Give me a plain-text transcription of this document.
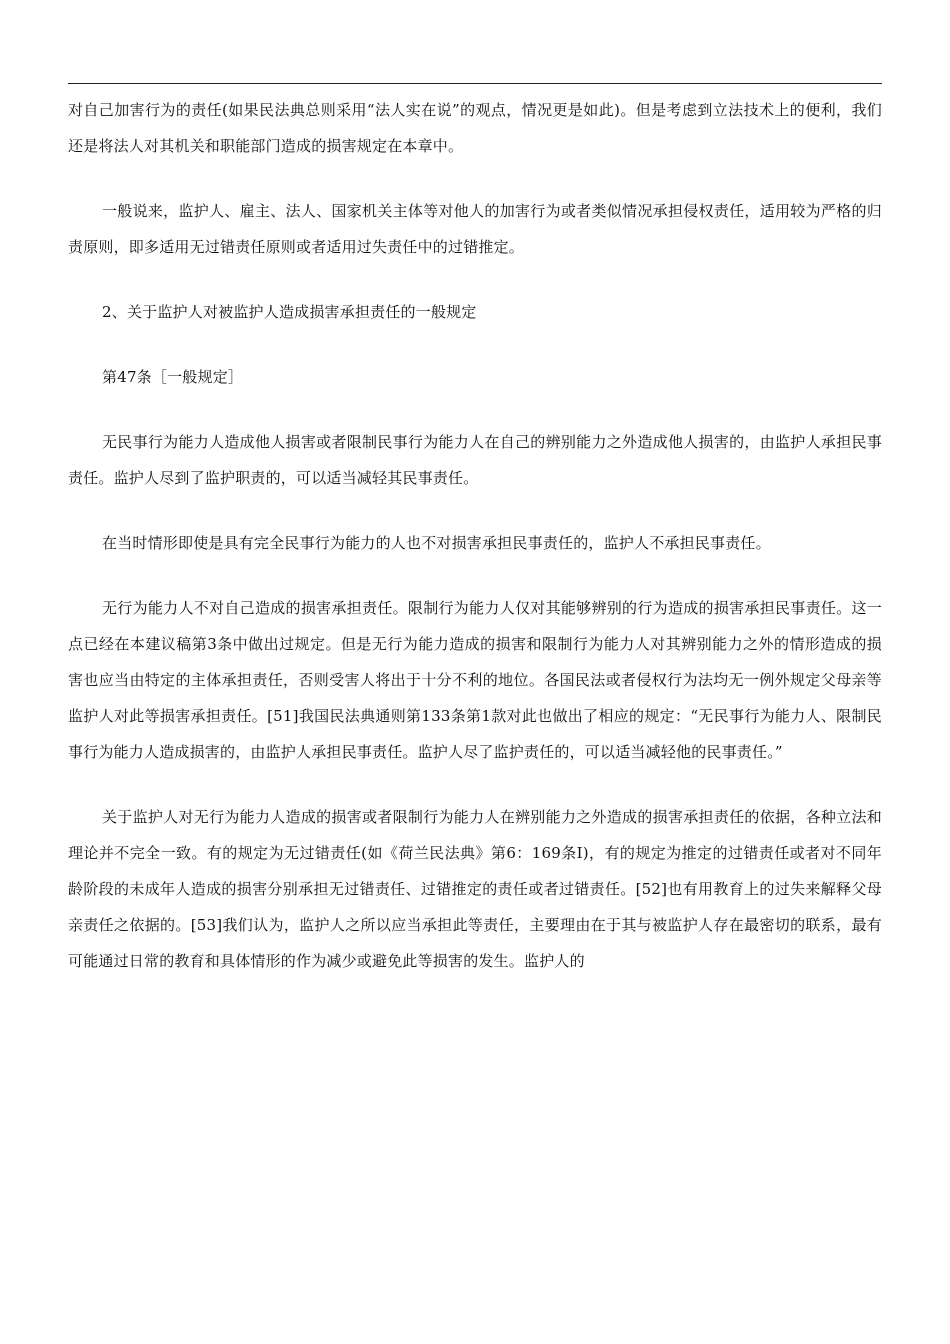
对自己加害行为的责任(如果民法典总则采用“法人实在说”的观点，情况更是如此)。但是考虑到立法技术上的便利，我们还是将法人对其机关和职能部门造成的损害规定在本章中。

一般说来，监护人、雇主、法人、国家机关主体等对他人的加害行为或者类似情况承担侵权责任，适用较为严格的归责原则，即多适用无过错责任原则或者适用过失责任中的过错推定。

2、关于监护人对被监护人造成损害承担责任的一般规定

第47条［一般规定］

无民事行为能力人造成他人损害或者限制民事行为能力人在自己的辨别能力之外造成他人损害的，由监护人承担民事责任。监护人尽到了监护职责的，可以适当减轻其民事责任。

在当时情形即使是具有完全民事行为能力的人也不对损害承担民事责任的，监护人不承担民事责任。

无行为能力人不对自己造成的损害承担责任。限制行为能力人仅对其能够辨别的行为造成的损害承担民事责任。这一点已经在本建议稿第3条中做出过规定。但是无行为能力造成的损害和限制行为能力人对其辨别能力之外的情形造成的损害也应当由特定的主体承担责任，否则受害人将出于十分不利的地位。各国民法或者侵权行为法均无一例外规定父母亲等监护人对此等损害承担责任。[51]我国民法典通则第133条第1款对此也做出了相应的规定：“无民事行为能力人、限制民事行为能力人造成损害的，由监护人承担民事责任。监护人尽了监护责任的，可以适当减轻他的民事责任。”

关于监护人对无行为能力人造成的损害或者限制行为能力人在辨别能力之外造成的损害承担责任的依据，各种立法和理论并不完全一致。有的规定为无过错责任(如《荷兰民法典》第6：169条I)，有的规定为推定的过错责任或者对不同年龄阶段的未成年人造成的损害分别承担无过错责任、过错推定的责任或者过错责任。[52]也有用教育上的过失来解释父母亲责任之依据的。[53]我们认为，监护人之所以应当承担此等责任，主要理由在于其与被监护人存在最密切的联系，最有可能通过日常的教育和具体情形的作为减少或避免此等损害的发生。监护人的
